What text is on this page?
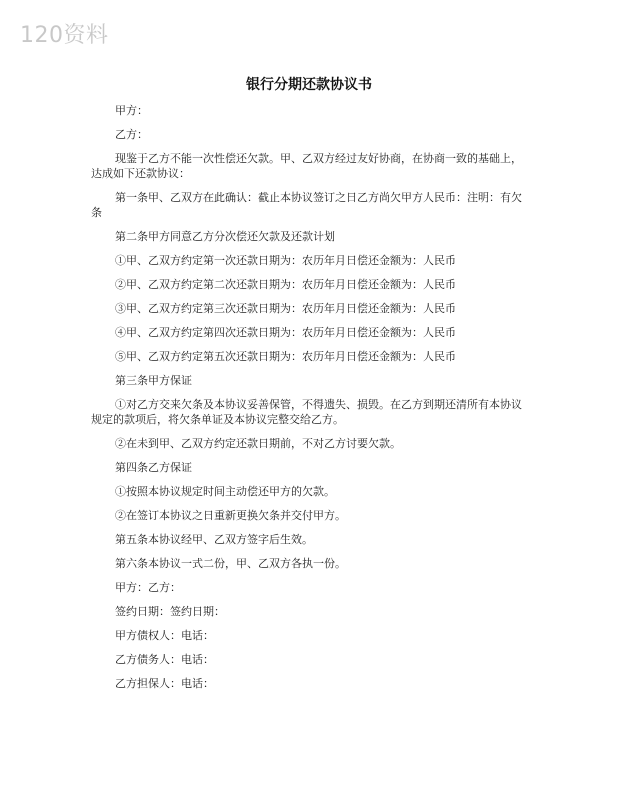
120资料
银行分期还款协议书

甲方：

乙方：

现鉴于乙方不能一次性偿还欠款。甲、乙双方经过友好协商，在协商一致的基础上，达成如下还款协议：

第一条甲、乙双方在此确认：截止本协议签订之日乙方尚欠甲方人民币：注明：有欠条

第二条甲方同意乙方分次偿还欠款及还款计划

①甲、乙双方约定第一次还款日期为：农历年月日偿还金额为：人民币

②甲、乙双方约定第二次还款日期为：农历年月日偿还金额为：人民币

③甲、乙双方约定第三次还款日期为：农历年月日偿还金额为：人民币

④甲、乙双方约定第四次还款日期为：农历年月日偿还金额为：人民币

⑤甲、乙双方约定第五次还款日期为：农历年月日偿还金额为：人民币

第三条甲方保证

①对乙方交来欠条及本协议妥善保管，不得遗失、损毁。在乙方到期还清所有本协议规定的款项后，将欠条单证及本协议完整交给乙方。

②在未到甲、乙双方约定还款日期前，不对乙方讨要欠款。

第四条乙方保证

①按照本协议规定时间主动偿还甲方的欠款。

②在签订本协议之日重新更换欠条并交付甲方。

第五条本协议经甲、乙双方签字后生效。

第六条本协议一式二份，甲、乙双方各执一份。

甲方：乙方：

签约日期：签约日期：

甲方债权人：电话：

乙方债务人：电话：

乙方担保人：电话：
